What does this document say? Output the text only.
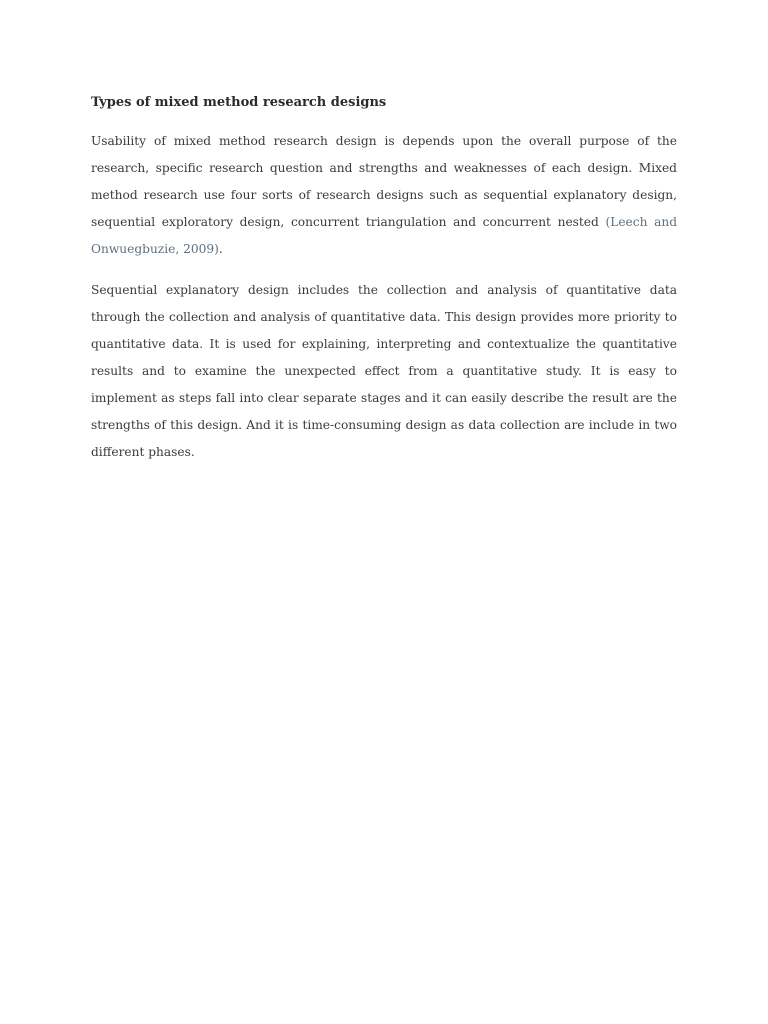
Types of mixed method research designs

Usability of mixed method research design is depends upon the overall purpose of the research, specific research question and strengths and weaknesses of each design. Mixed method research use four sorts of research designs such as sequential explanatory design, sequential exploratory design, concurrent triangulation and concurrent nested (Leech and Onwuegbuzie, 2009).

Sequential explanatory design includes the collection and analysis of quantitative data through the collection and analysis of quantitative data. This design provides more priority to quantitative data. It is used for explaining, interpreting and contextualize the quantitative results and to examine the unexpected effect from a quantitative study. It is easy to implement as steps fall into clear separate stages and it can easily describe the result are the strengths of this design. And it is time-consuming design as data collection are include in two different phases.
